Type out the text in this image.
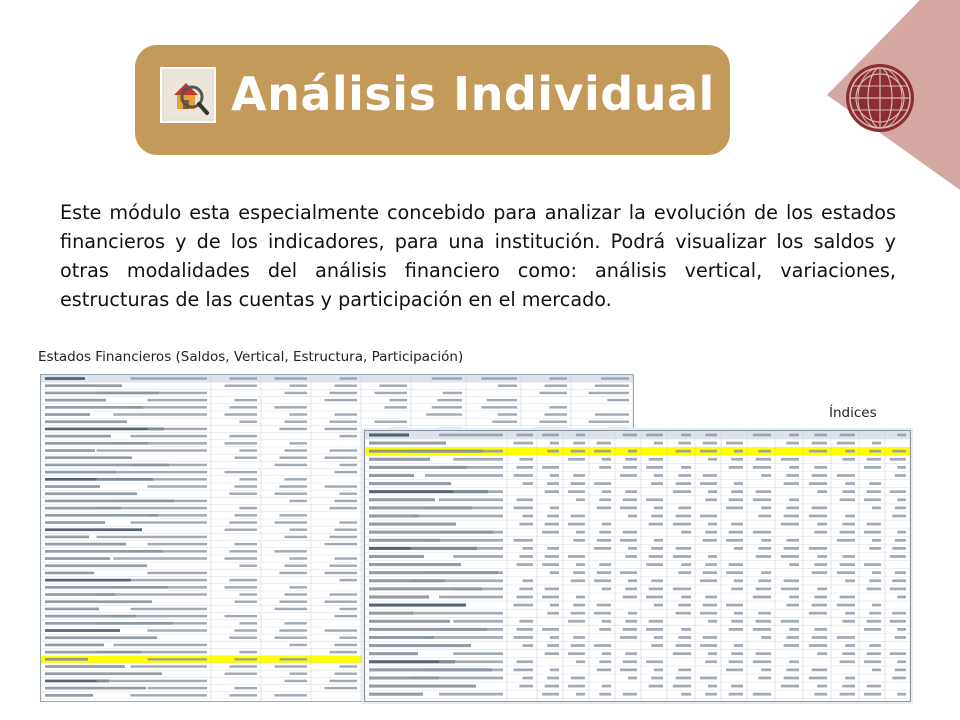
Análisis Individual
Este módulo esta especialmente concebido para analizar la evolución de los estados financieros y de los indicadores, para una institución. Podrá visualizar los saldos y otras modalidades del análisis financiero como: análisis vertical, variaciones, estructuras de las cuentas y participación en el mercado.
Estados Financieros (Saldos, Vertical, Estructura, Participación)
Índices
